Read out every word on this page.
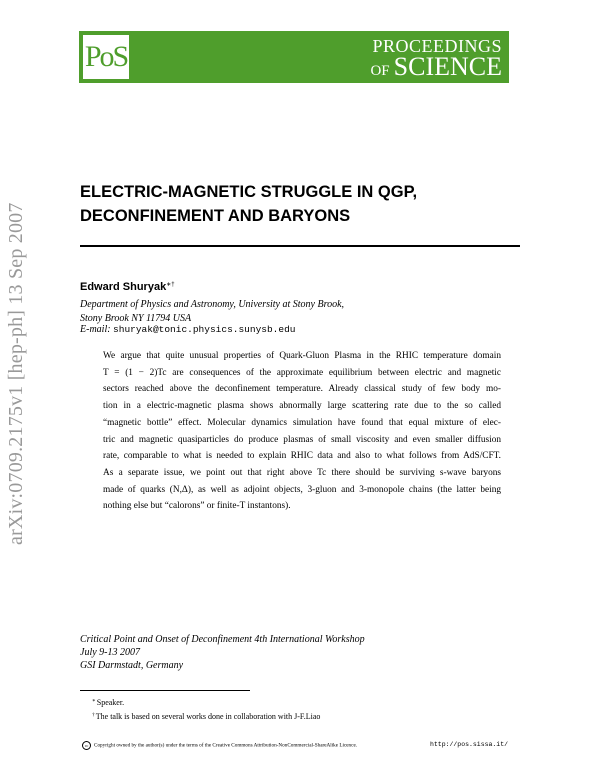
PoS	PROCEEDINGS
OF SCIENCE
arXiv:0709.2175v1 [hep-ph] 13 Sep 2007
ELECTRIC-MAGNETIC STRUGGLE IN QGP,
DECONFINEMENT AND BARYONS
Edward Shuryak∗†
Department of Physics and Astronomy, University at Stony Brook,
Stony Brook NY 11794 USA
E-mail: shuryak@tonic.physics.sunysb.edu
We argue that quite unusual properties of Quark-Gluon Plasma in the RHIC temperature domain
T = (1 − 2)Tc are consequences of the approximate equilibrium between electric and magnetic
sectors reached above the deconfinement temperature. Already classical study of few body mo-
tion in a electric-magnetic plasma shows abnormally large scattering rate due to the so called
“magnetic bottle” effect. Molecular dynamics simulation have found that equal mixture of elec-
tric and magnetic quasiparticles do produce plasmas of small viscosity and even smaller diffusion
rate, comparable to what is needed to explain RHIC data and also to what follows from AdS/CFT.
As a separate issue, we point out that right above Tc there should be surviving s-wave baryons
made of quarks (N,Δ), as well as adjoint objects, 3-gluon and 3-monopole chains (the latter being
nothing else but “calorons” or finite-T instantons).
Critical Point and Onset of Deconfinement 4th International Workshop
July 9-13 2007
GSI Darmstadt, Germany
∗Speaker.
†The talk is based on several works done in collaboration with J-F.Liao
cc Copyright owned by the author(s) under the terms of the Creative Commons Attribution-NonCommercial-ShareAlike Licence.	http://pos.sissa.it/
